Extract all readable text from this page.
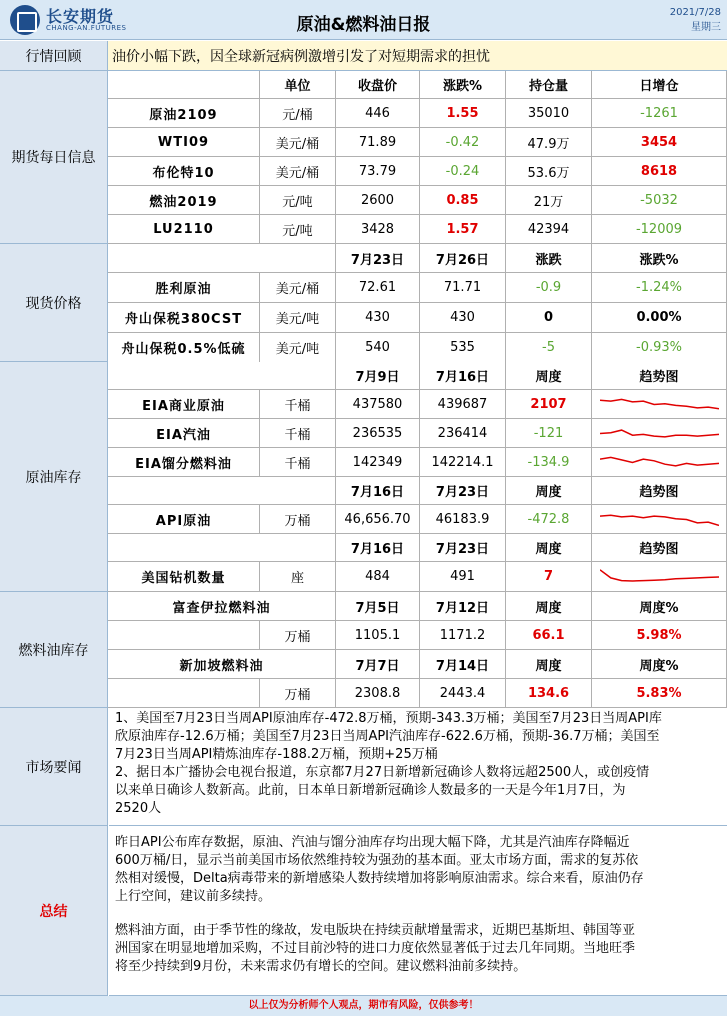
长安期货
CHANG-AN.FUTURES	原油&燃料油日报
2021/7/28
星期三
行情回顾	油价小幅下跌，因全球新冠病例激增引发了对短期需求的担忧
单位	收盘价	涨跌%	持仓量	日增仓
原油2109	元/桶	446	1.55	35010	-1261
WTI09	美元/桶	71.89	-0.42	47.9万	3454
布伦特10	美元/桶	73.79	-0.24	53.6万	8618
燃油2019	元/吨	2600	0.85	21万	-5032
LU2110	元/吨	3428	1.57	42394	-12009
7月23日	7月26日	涨跌	涨跌%
胜利原油	美元/桶	72.61	71.71	-0.9	-1.24%
舟山保税380CST	美元/吨	430	430	0	0.00%
舟山保税0.5%低硫	美元/吨	540	535	-5	-0.93%
7月9日	7月16日	周度	趋势图
EIA商业原油	千桶	437580	439687	2107
EIA汽油	千桶	236535	236414	-121
EIA馏分燃料油	千桶	142349	142214.1	-134.9
7月16日	7月23日	周度	趋势图
API原油	万桶	46,656.70	46183.9	-472.8
7月16日	7月23日	周度	趋势图
美国钻机数量	座	484	491	7
富查伊拉燃料油	7月5日	7月12日	周度	周度%
万桶	1105.1	1171.2	66.1	5.98%
新加坡燃料油	7月7日	7月14日	周度	周度%
万桶	2308.8	2443.4	134.6	5.83%
期货每日信息
现货价格
原油库存
燃料油库存
市场要闻
总结
1、美国至7月23日当周API原油库存-472.8万桶，预期-343.3万桶；美国至7月23日当周API库
欣原油库存-12.6万桶；美国至7月23日当周API汽油库存-622.6万桶，预期-36.7万桶；美国至
7月23日当周API精炼油库存-188.2万桶，预期+25万桶
2、据日本广播协会电视台报道，东京都7月27日新增新冠确诊人数将远超2500人，或创疫情
以来单日确诊人数新高。此前，日本单日新增新冠确诊人数最多的一天是今年1月7日，为
2520人
昨日API公布库存数据，原油、汽油与馏分油库存均出现大幅下降，尤其是汽油库存降幅近
600万桶/日，显示当前美国市场依然维持较为强劲的基本面。亚太市场方面，需求的复苏依
然相对缓慢，Delta病毒带来的新增感染人数持续增加将影响原油需求。综合来看，原油仍存
上行空间，建议前多续持。
燃料油方面，由于季节性的缘故，发电版块在持续贡献增量需求，近期巴基斯坦、韩国等亚
洲国家在明显地增加采购，不过目前沙特的进口力度依然显著低于过去几年同期。当地旺季
将至少持续到9月份，未来需求仍有增长的空间。建议燃料油前多续持。
以上仅为分析师个人观点，期市有风险，仅供参考！
